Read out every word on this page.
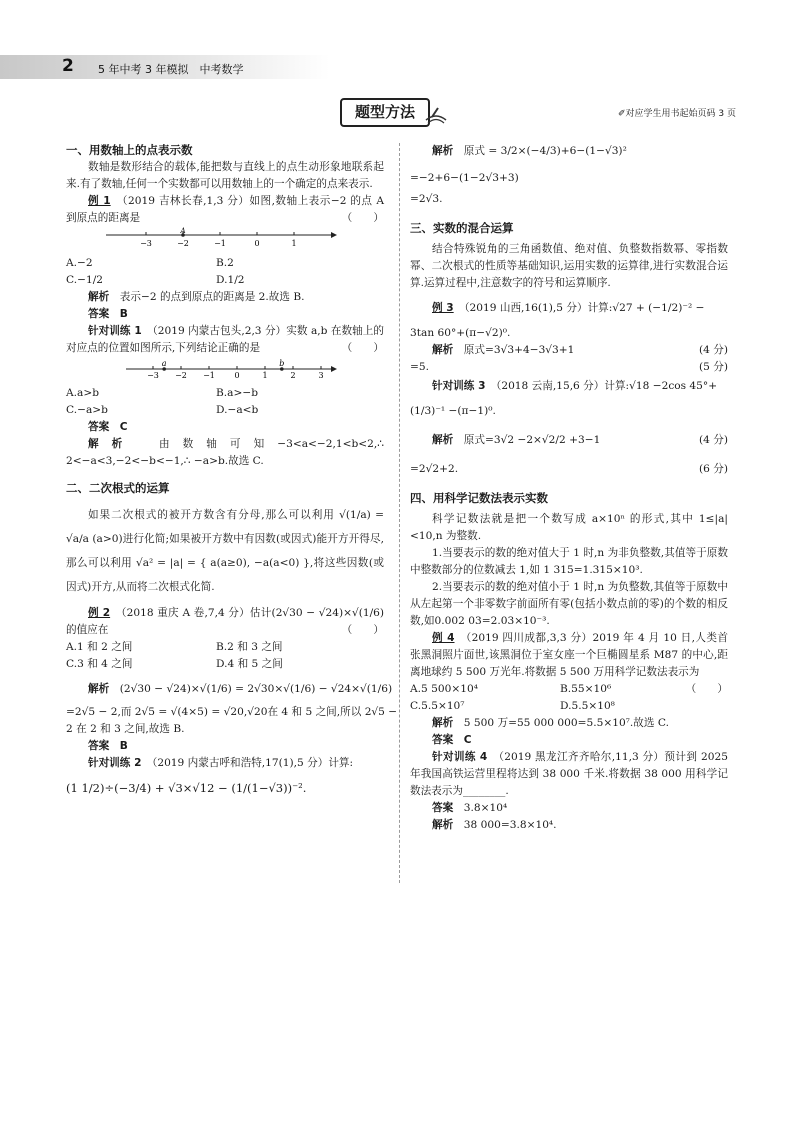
2 5 年中考 3 年模拟　中考数学
题型方法	✐对应学生用书起始页码 3 页

一、用数轴上的点表示数

数轴是数形结合的载体,能把数与直线上的点生动形象地联系起来.有了数轴,任何一个实数都可以用数轴上的一个确定的点来表示.

例 1　 （2019 吉林长春,1,3 分）如图,数轴上表示−2 的点 A 到原点的距离是	（　　）

−3	−2	−1	0	1
A

A.−2	B.2

C.−1/2	D.1/2

解析　 表示−2 的点到原点的距离是 2.故选 B.

答案　 B

针对训练 1　 （2019 内蒙古包头,2,3 分）实数 a,b 在数轴上的对应点的位置如图所示,下列结论正确的是	（　　）

−3 −2 −1 0	1	2	3
a	b

A.a>b	B.a>−b

C.−a>b	D.−a<b

答案　 C

解析　 由数轴可知−3<a<−2,1<b<2,∴ 2<−a<3,−2<−b<−1,∴ −a>b.故选 C.

二、二次根式的运算

如果二次根式的被开方数含有分母,那么可以利用 √(1/a) = √a/a (a>0)进行化简;如果被开方数中有因数(或因式)能开方开得尽,那么可以利用 √a² = |a| = { a(a≥0), −a(a<0) },将这些因数(或因式)开方,从而将二次根式化简.

例 2　 （2018 重庆 A 卷,7,4 分）估计(2√30 − √24)×√(1/6) 的值应在	（　　）

A.1 和 2 之间	B.2 和 3 之间

C.3 和 4 之间	D.4 和 5 之间

解析　 (2√30 − √24)×√(1/6) = 2√30×√(1/6) − √24×√(1/6)

=2√5 − 2,而 2√5 = √(4×5) = √20,√20在 4 和 5 之间,所以 2√5 −

2 在 2 和 3 之间,故选 B.

答案　 B

针对训练 2　 （2019 内蒙古呼和浩特,17(1),5 分）计算:

(1 1/2)÷(−3/4) + √3×√12 − (1/(1−√3))⁻².

解析　 原式 = 3/2×(−4/3)+6−(1−√3)²

=−2+6−(1−2√3+3)

=2√3.

三、实数的混合运算

结合特殊锐角的三角函数值、绝对值、负整数指数幂、零指数幂、二次根式的性质等基础知识,运用实数的运算律,进行实数混合运算.运算过程中,注意数字的符号和运算顺序.

例 3　 （2019 山西,16(1),5 分）计算:√27 + (−1/2)⁻² −

3tan 60°+(π−√2)⁰.

解析　 原式=3√3+4−3√3+1	(4 分)

=5.	(5 分)

针对训练 3　 （2018 云南,15,6 分）计算:√18 −2cos 45°+

(1/3)⁻¹ −(π−1)⁰.

解析　 原式=3√2 −2×√2/2 +3−1	(4 分)

=2√2+2.	(6 分)

四、用科学记数法表示实数

科学记数法就是把一个数写成 a×10ⁿ 的形式,其中 1≤|a|<10,n 为整数.

1.当要表示的数的绝对值大于 1 时,n 为非负整数,其值等于原数中整数部分的位数减去 1,如 1 315=1.315×10³.

2.当要表示的数的绝对值小于 1 时,n 为负整数,其值等于原数中从左起第一个非零数字前面所有零(包括小数点前的零)的个数的相反数,如0.002 03=2.03×10⁻³.

例 4　 （2019 四川成都,3,3 分）2019 年 4 月 10 日,人类首张黑洞照片面世,该黑洞位于室女座一个巨椭圆星系 M87 的中心,距离地球约 5 500 万光年.将数据 5 500 万用科学记数法表示为
（　　）

A.5 500×10⁴	B.55×10⁶

C.5.5×10⁷	D.5.5×10⁸

解析　 5 500 万=55 000 000=5.5×10⁷.故选 C.

答案　 C

针对训练 4　 （2019 黑龙江齐齐哈尔,11,3 分）预计到 2025 年我国高铁运营里程将达到 38 000 千米.将数据 38 000 用科学记数法表示为________.

答案　 3.8×10⁴

解析　 38 000=3.8×10⁴.
